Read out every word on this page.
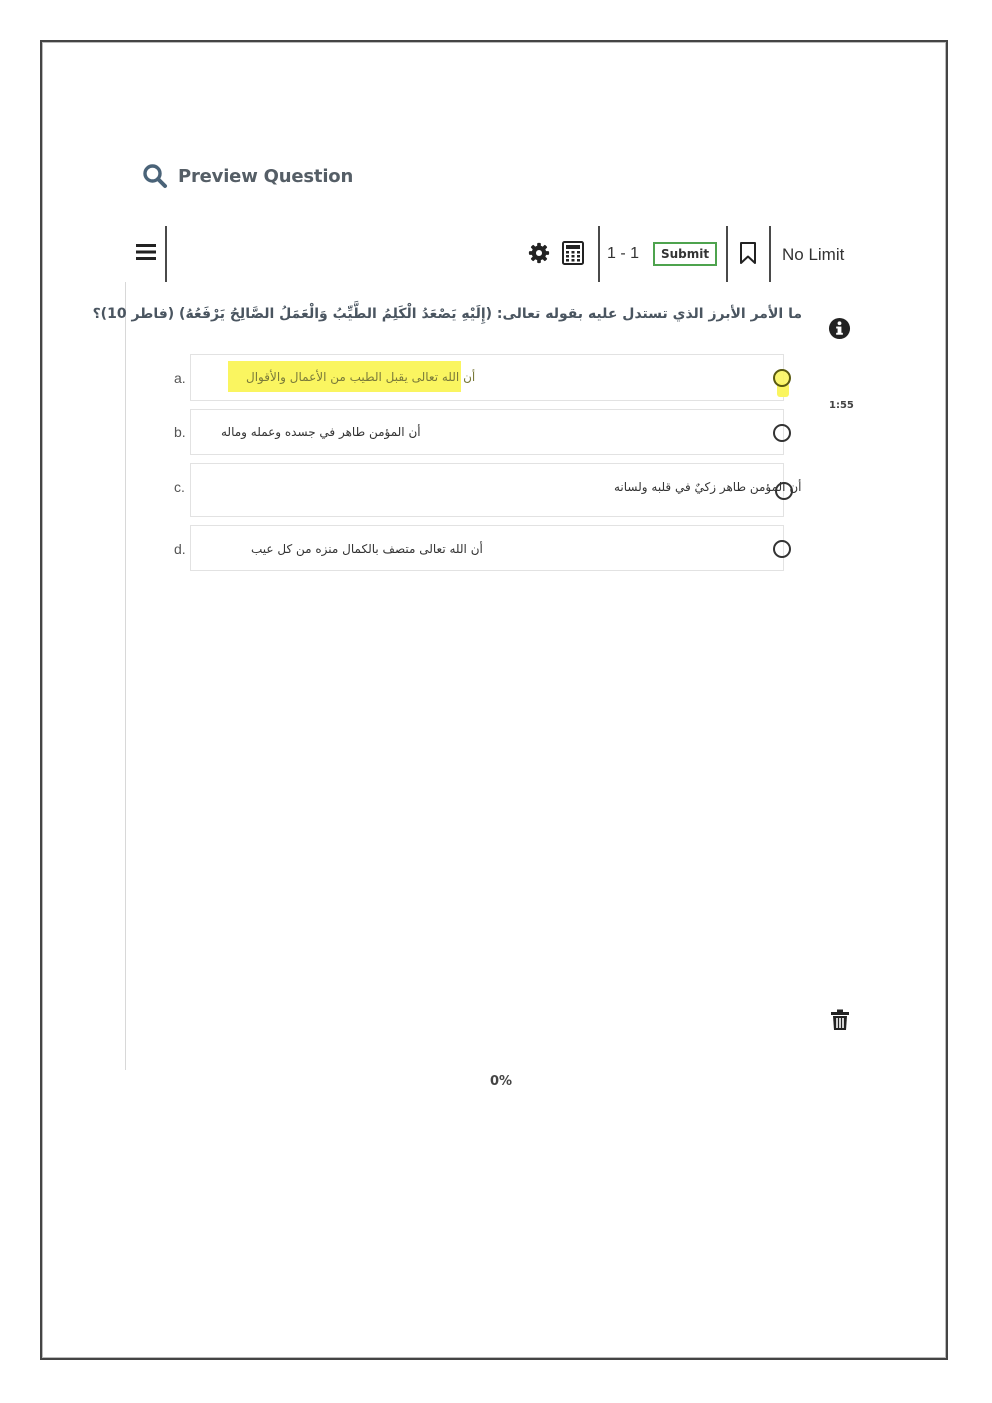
Preview Question
1 - 1	Submit	No Limit
ما الأمر الأبرز الذي تستدل عليه بقوله تعالى: (إِلَيْهِ يَصْعَدُ الْكَلِمُ الطَّيِّبُ وَالْعَمَلُ الصَّالِحُ يَرْفَعُهُ) (فاطر 10)؟
1:55
a.	أن الله تعالى يقبل الطيب من الأعمال والأقوال
b.	أن المؤمن طاهر في جسده وعمله وماله
c.	أن المؤمن طاهر زكيٌ في قلبه ولسانه
d.	أن الله تعالى متصف بالكمال منزه من كل عيب
0%
